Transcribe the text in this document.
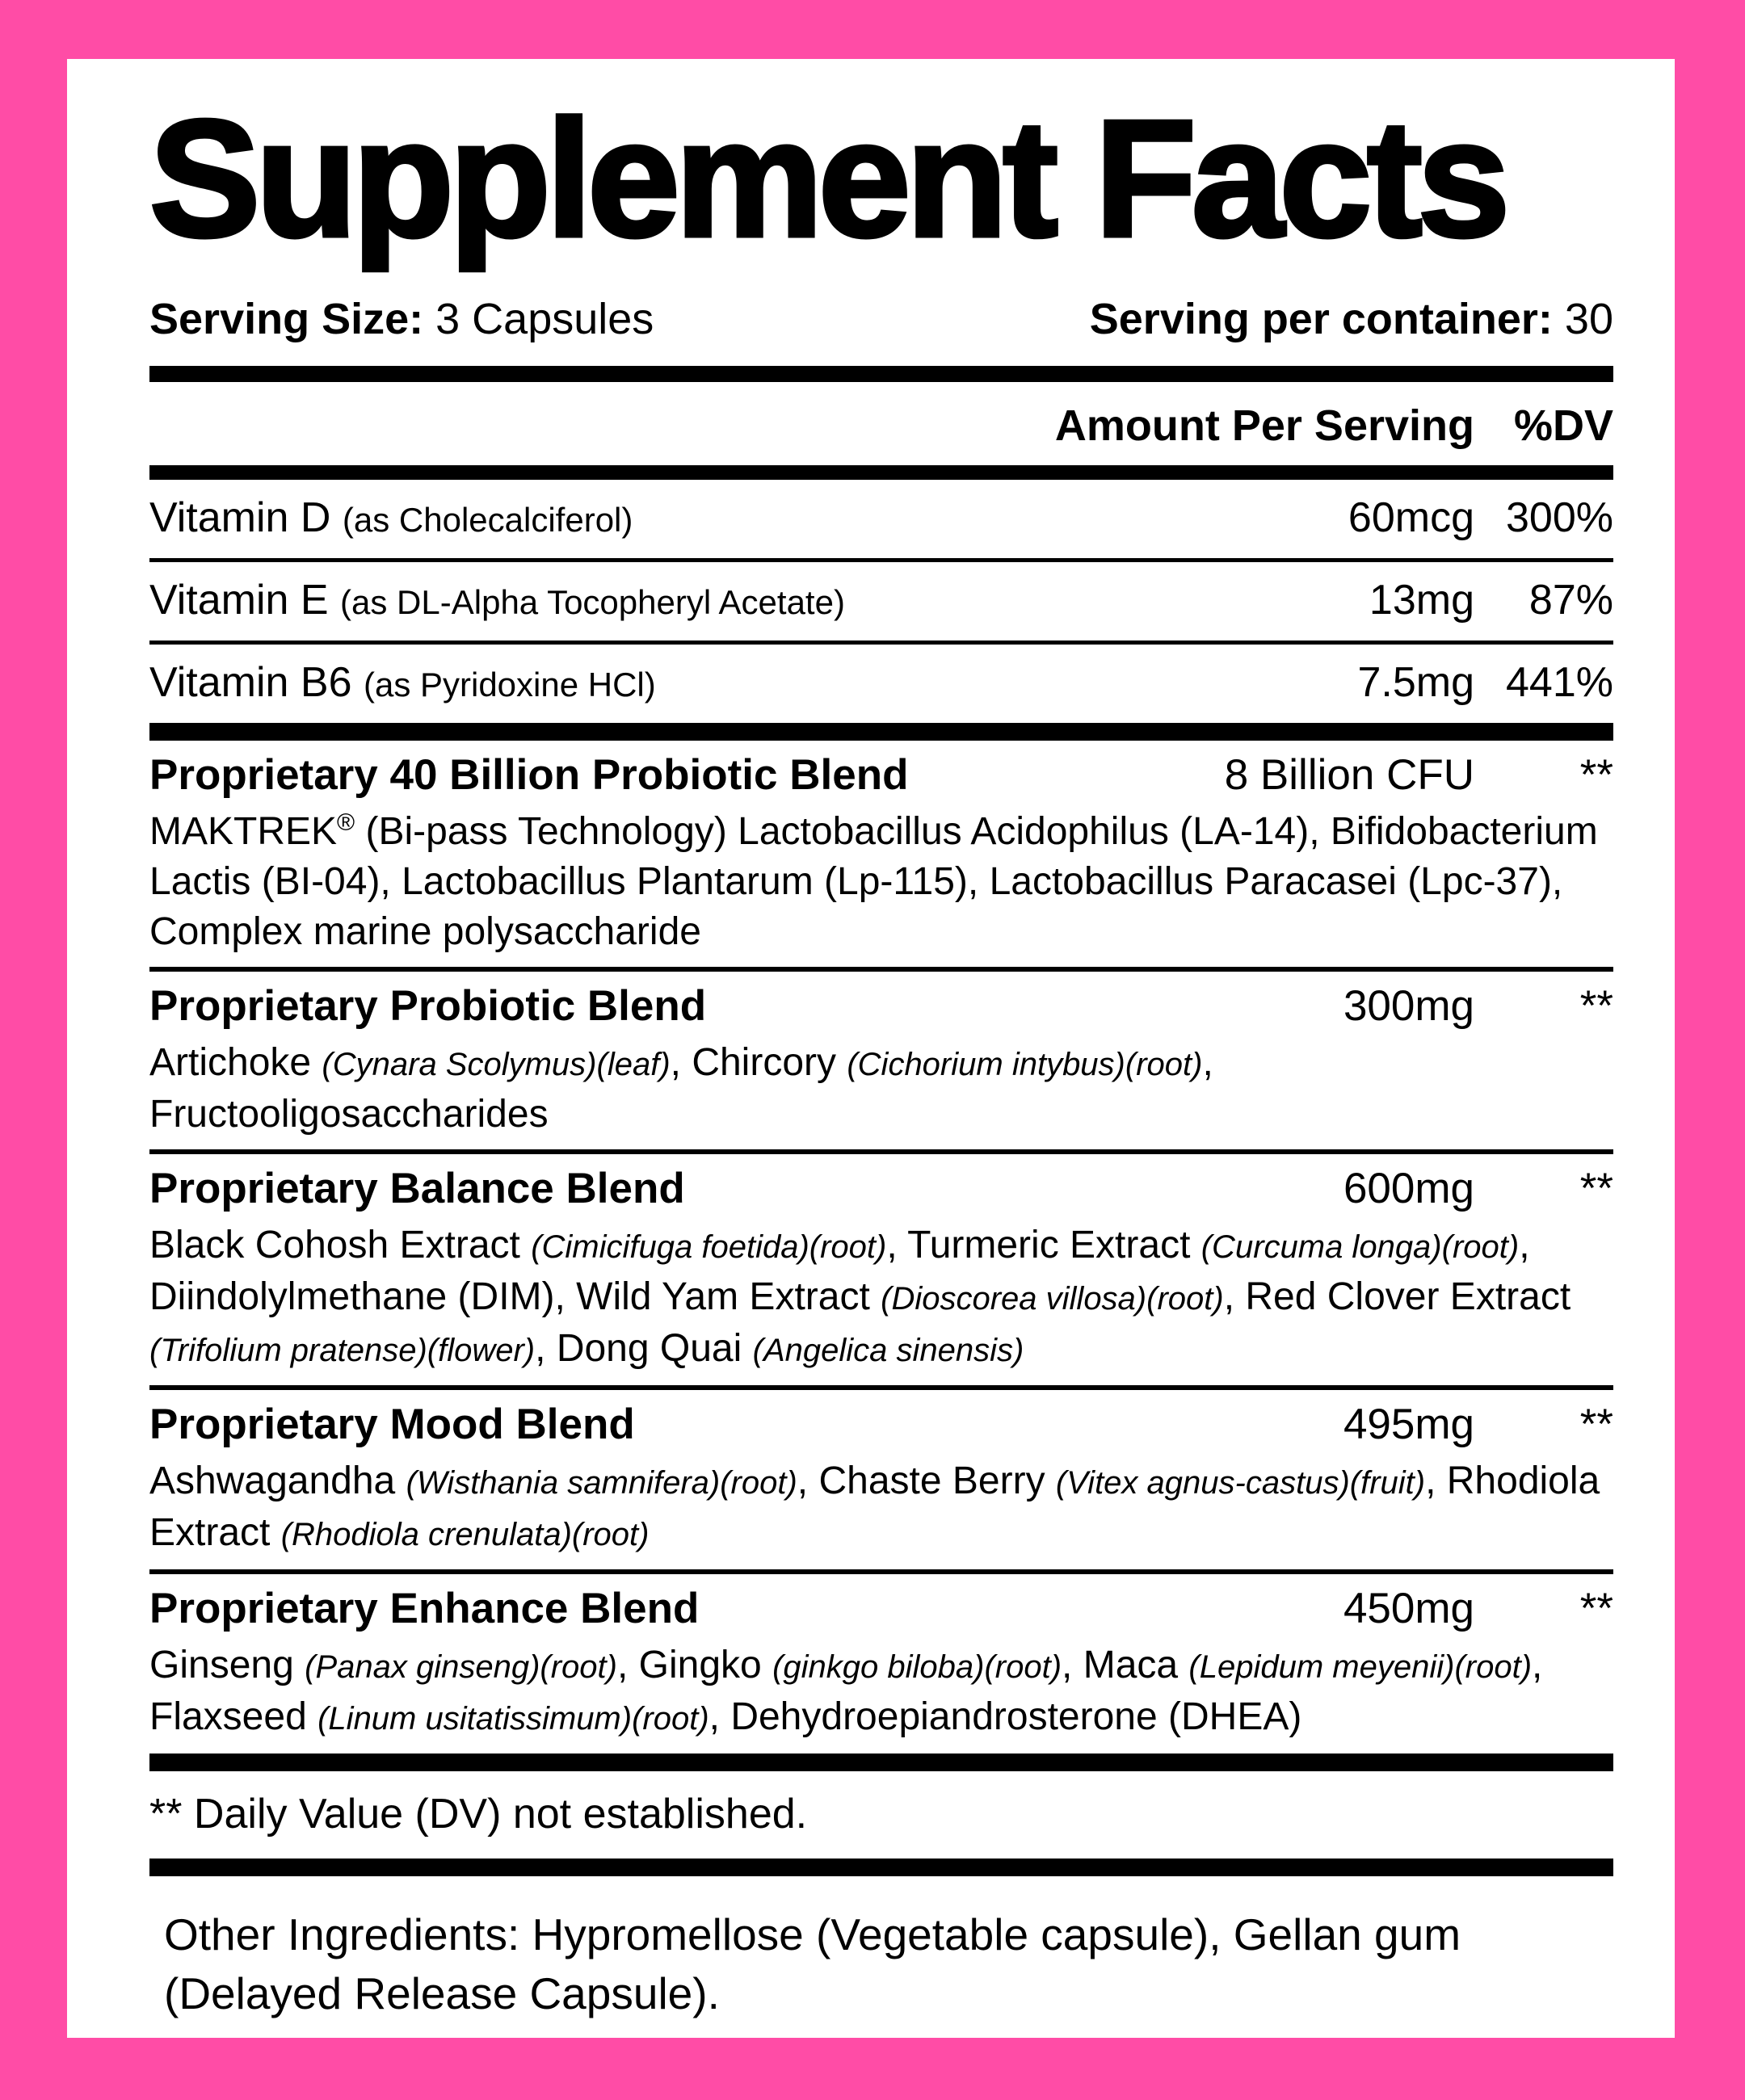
Supplement Facts
Serving Size: 3 Capsules	Serving per container: 30
Amount Per Serving %DV
Vitamin D (as Cholecalciferol)	60mcg 300%
Vitamin E (as DL-Alpha Tocopheryl Acetate)	13mg	87%
Vitamin B6 (as Pyridoxine HCl)	7.5mg 441%
Proprietary 40 Billion Probiotic Blend	8 Billion CFU	**
MAKTREK® (Bi-pass Technology) Lactobacillus Acidophilus (LA-14), Bifidobacterium Lactis (BI-04), Lactobacillus Plantarum (Lp-115), Lactobacillus Paracasei (Lpc-37), Complex marine polysaccharide
Proprietary Probiotic Blend	300mg	**
Artichoke (Cynara Scolymus)(leaf), Chircory (Cichorium intybus)(root), Fructooligosaccharides
Proprietary Balance Blend	600mg	**
Black Cohosh Extract (Cimicifuga foetida)(root), Turmeric Extract (Curcuma longa)(root), Diindolylmethane (DIM), Wild Yam Extract (Dioscorea villosa)(root), Red Clover Extract (Trifolium pratense)(flower), Dong Quai (Angelica sinensis)
Proprietary Mood Blend	495mg	**
Ashwagandha (Wisthania samnifera)(root), Chaste Berry (Vitex agnus-castus)(fruit), Rhodiola Extract (Rhodiola crenulata)(root)
Proprietary Enhance Blend	450mg	**
Ginseng (Panax ginseng)(root), Gingko (ginkgo biloba)(root), Maca (Lepidum meyenii)(root), Flaxseed (Linum usitatissimum)(root), Dehydroepiandrosterone (DHEA)
** Daily Value (DV) not established.
Other Ingredients: Hypromellose (Vegetable capsule), Gellan gum (Delayed Release Capsule).
